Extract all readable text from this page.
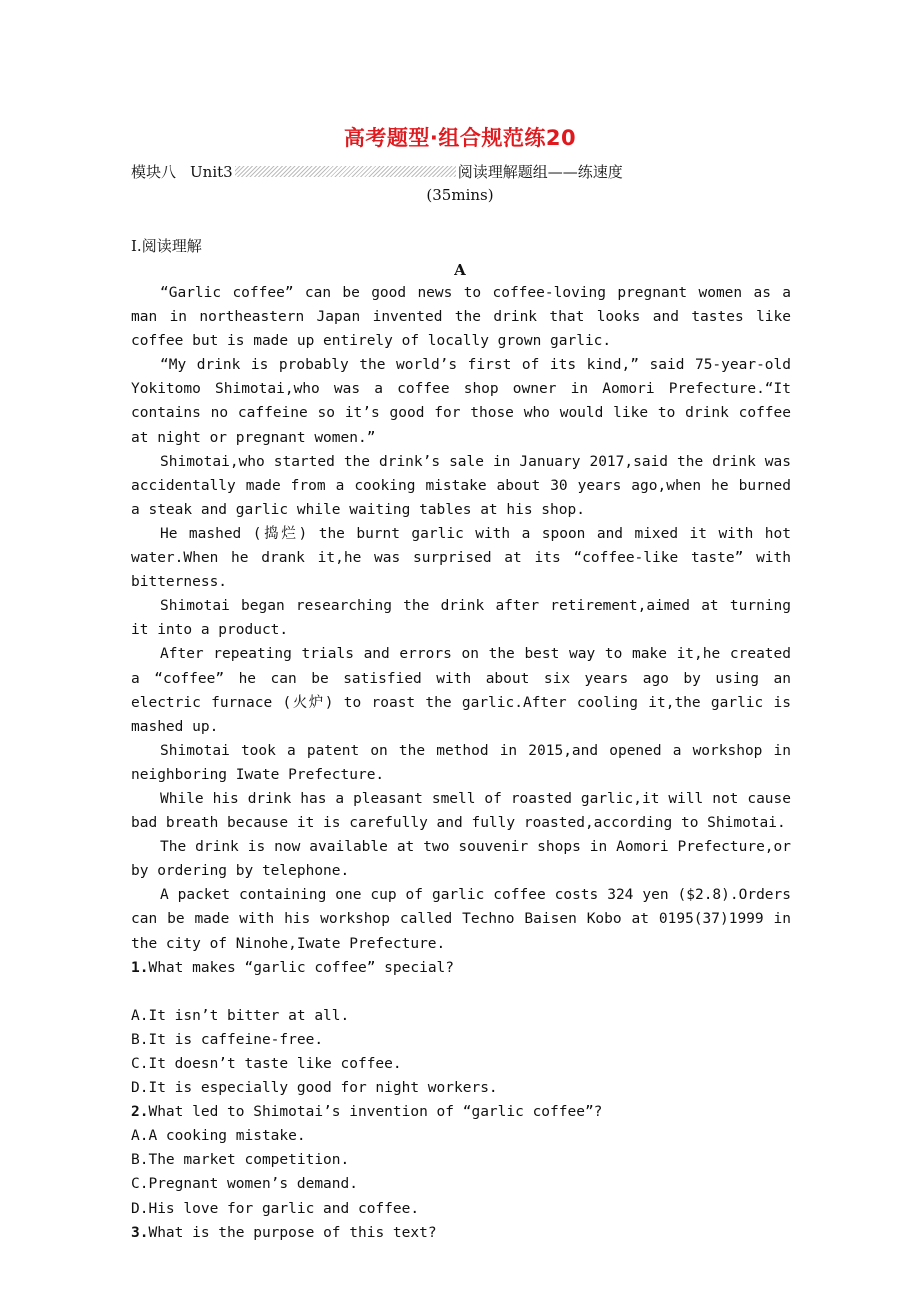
高考题型·组合规范练20
模块八 Unit3	阅读理解题组——练速度
(35mins)
Ⅰ.阅读理解
A

“Garlic coffee” can be good news to coffee-loving pregnant women as a man in northeastern Japan invented the drink that looks and tastes like coffee but is made up entirely of locally grown garlic.

“My drink is probably the world’s first of its kind,” said 75-year-old Yokitomo Shimotai,who was a coffee shop owner in Aomori Prefecture.“It contains no caffeine so it’s good for those who would like to drink coffee at night or pregnant women.”

Shimotai,who started the drink’s sale in January 2017,said the drink was accidentally made from a cooking mistake about 30 years ago,when he burned a steak and garlic while waiting tables at his shop.

He mashed (捣烂) the burnt garlic with a spoon and mixed it with hot water.When he drank it,he was surprised at its “coffee-like taste” with bitterness.

Shimotai began researching the drink after retirement,aimed at turning it into a product.

After repeating trials and errors on the best way to make it,he created a “coffee” he can be satisfied with about six years ago by using an electric furnace (火炉) to roast the garlic.After cooling it,the garlic is mashed up.

Shimotai took a patent on the method in 2015,and opened a workshop in neighboring Iwate Prefecture.

While his drink has a pleasant smell of roasted garlic,it will not cause bad breath because it is carefully and fully roasted,according to Shimotai.

The drink is now available at two souvenir shops in Aomori Prefecture,or by ordering by telephone.

A packet containing one cup of garlic coffee costs 324 yen ($2.8).Orders can be made with his workshop called Techno Baisen Kobo at 0195(37)1999 in the city of Ninohe,Iwate Prefecture.

1.What makes “garlic coffee” special?

A.It isn’t bitter at all.

B.It is caffeine-free.

C.It doesn’t taste like coffee.

D.It is especially good for night workers.

2.What led to Shimotai’s invention of “garlic coffee”?

A.A cooking mistake.

B.The market competition.

C.Pregnant women’s demand.

D.His love for garlic and coffee.

3.What is the purpose of this text?
